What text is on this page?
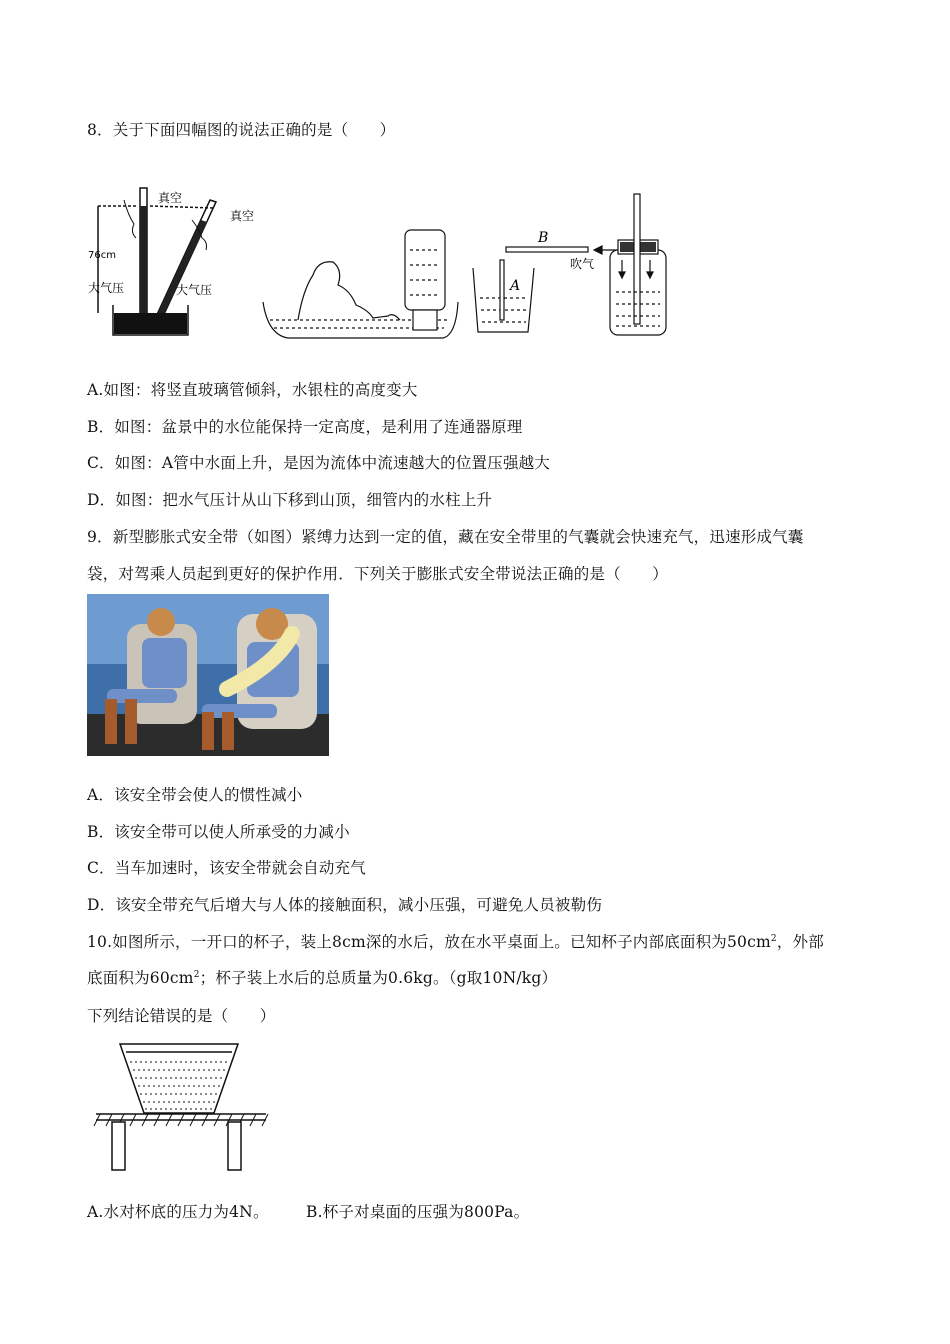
8．关于下面四幅图的说法正确的是（　　）
真空
真空
76cm
大气压	大气压
B
A
吹气
A.如图：将竖直玻璃管倾斜，水银柱的高度变大
B．如图：盆景中的水位能保持一定高度，是利用了连通器原理
C．如图：A管中水面上升，是因为流体中流速越大的位置压强越大
D．如图：把水气压计从山下移到山顶，细管内的水柱上升
9．新型膨胀式安全带（如图）紧缚力达到一定的值，藏在安全带里的气囊就会快速充气，迅速形成气囊
袋，对驾乘人员起到更好的保护作用．下列关于膨胀式安全带说法正确的是（　　）
A．该安全带会使人的惯性减小
B．该安全带可以使人所承受的力减小
C．当车加速时，该安全带就会自动充气
D．该安全带充气后增大与人体的接触面积，减小压强，可避免人员被勒伤
10.如图所示，一开口的杯子，装上8cm深的水后，放在水平桌面上。已知杯子内部底面积为$50cm^2$，外部
底面积为$60cm^2$；杯子装上水后的总质量为0.6kg。（g取10N/kg）
下列结论错误的是（　　）
A.水对杯底的压力为4N。 B.杯子对桌面的压强为800Pa。
